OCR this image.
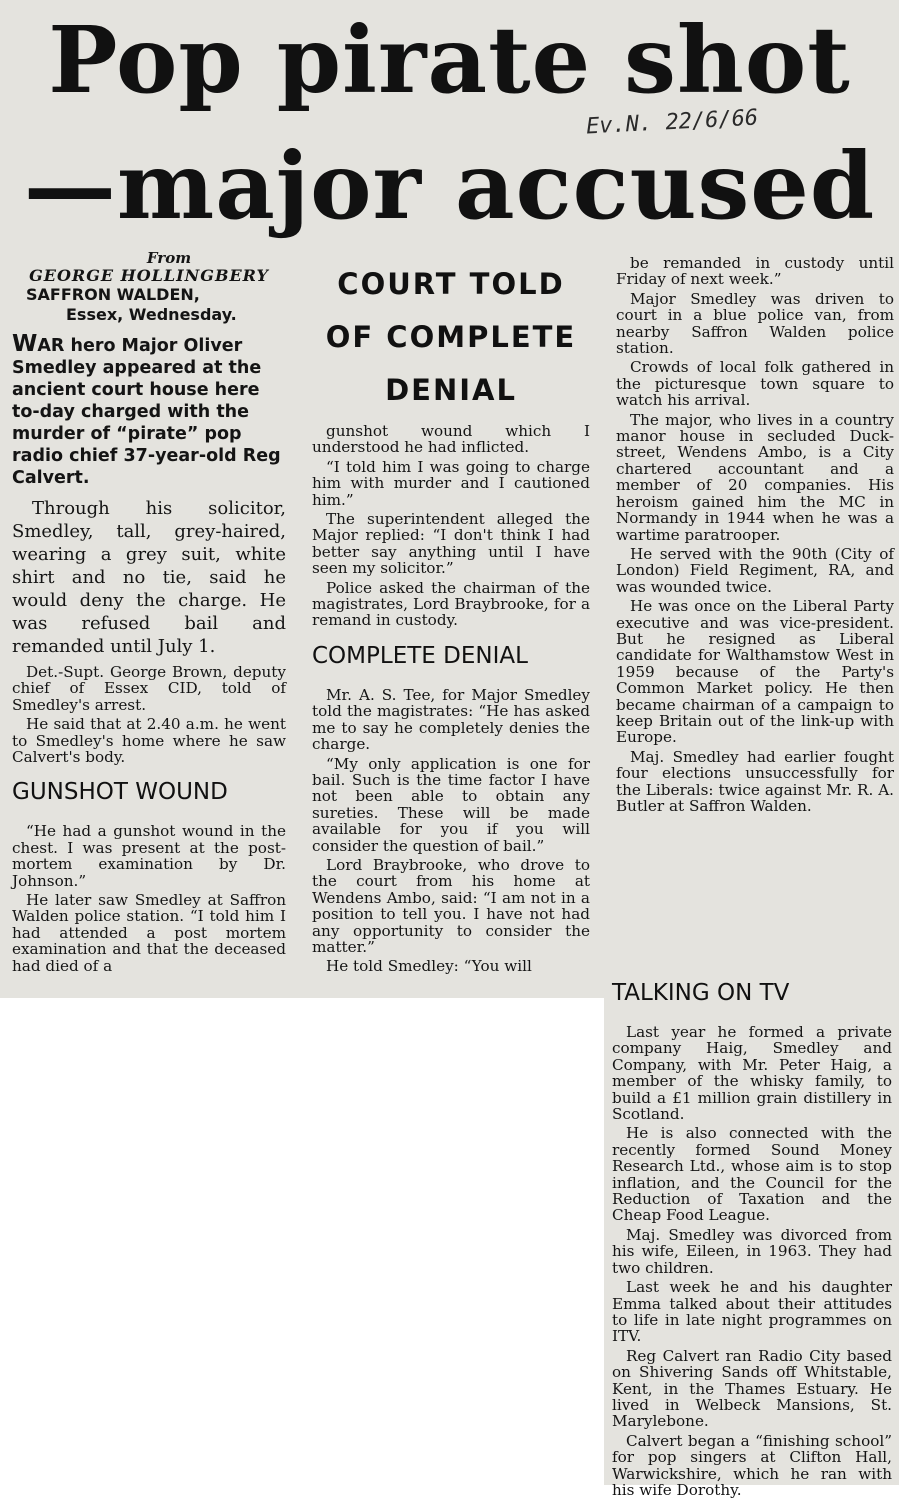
Pop pirate shot
—major accused
Ev.N. 22/6/66
From
GEORGE HOLLINGBERY
SAFFRON WALDEN,
Essex, Wednesday.

WAR hero Major Oliver Smedley appeared at the ancient court house here to-day charged with the murder of “pirate” pop radio chief 37-year-old Reg Calvert.

Through his solicitor, Smedley, tall, grey-haired, wearing a grey suit, white shirt and no tie, said he would deny the charge. He was refused bail and remanded until July 1.

Det.-Supt. George Brown, deputy chief of Essex CID, told of Smedley's arrest.

He said that at 2.40 a.m. he went to Smedley's home where he saw Calvert's body.

GUNSHOT WOUND

“He had a gunshot wound in the chest. I was present at the post-mortem examination by Dr. Johnson.”

He later saw Smedley at Saffron Walden police station. “I told him I had attended a post mortem examination and that the deceased had died of a

COURT TOLD OF COMPLETE DENIAL

gunshot wound which I understood he had inflicted.

“I told him I was going to charge him with murder and I cautioned him.”

The superintendent alleged the Major replied: “I don't think I had better say anything until I have seen my solicitor.”

Police asked the chairman of the magistrates, Lord Braybrooke, for a remand in custody.

COMPLETE DENIAL

Mr. A. S. Tee, for Major Smedley told the magistrates: “He has asked me to say he completely denies the charge.

“My only application is one for bail. Such is the time factor I have not been able to obtain any sureties. These will be made available for you if you will consider the question of bail.”

Lord Braybrooke, who drove to the court from his home at Wendens Ambo, said: “I am not in a position to tell you. I have not had any opportunity to consider the matter.”

He told Smedley: “You will

be remanded in custody until Friday of next week.”

Major Smedley was driven to court in a blue police van, from nearby Saffron Walden police station.

Crowds of local folk gathered in the picturesque town square to watch his arrival.

The major, who lives in a country manor house in secluded Duck-street, Wendens Ambo, is a City chartered accountant and a member of 20 companies. His heroism gained him the MC in Normandy in 1944 when he was a wartime paratrooper.

He served with the 90th (City of London) Field Regiment, RA, and was wounded twice.

He was once on the Liberal Party executive and was vice-president. But he resigned as Liberal candidate for Walthamstow West in 1959 because of the Party's Common Market policy. He then became chairman of a campaign to keep Britain out of the link-up with Europe.

Maj. Smedley had earlier fought four elections unsuccessfully for the Liberals: twice against Mr. R. A. Butler at Saffron Walden.

TALKING ON TV

Last year he formed a private company Haig, Smedley and Company, with Mr. Peter Haig, a member of the whisky family, to build a £1 million grain distillery in Scotland.

He is also connected with the recently formed Sound Money Research Ltd., whose aim is to stop inflation, and the Council for the Reduction of Taxation and the Cheap Food League.

Maj. Smedley was divorced from his wife, Eileen, in 1963. They had two children.

Last week he and his daughter Emma talked about their attitudes to life in late night programmes on ITV.

Reg Calvert ran Radio City based on Shivering Sands off Whitstable, Kent, in the Thames Estuary. He lived in Welbeck Mansions, St. Marylebone.

Calvert began a “finishing school” for pop singers at Clifton Hall, Warwickshire, which he ran with his wife Dorothy.
